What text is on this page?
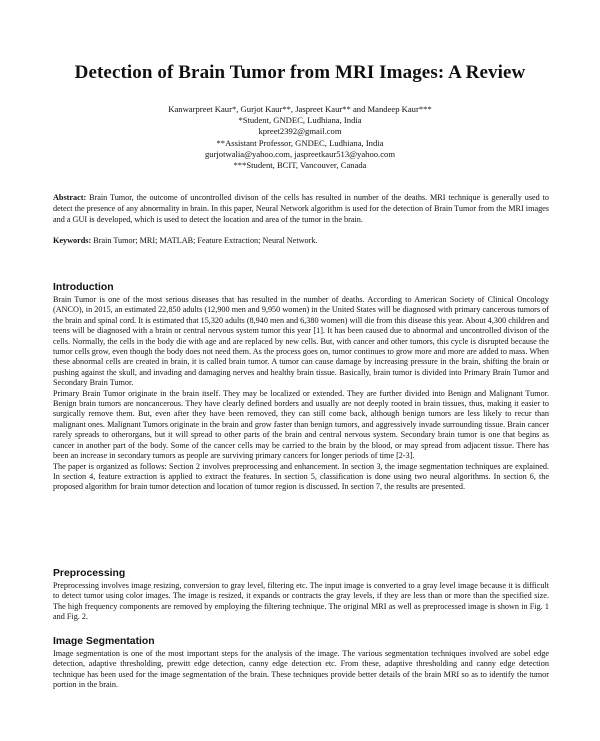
Detection of Brain Tumor from MRI Images: A Review
Kanwarpreet Kaur*, Gurjot Kaur**, Jaspreet Kaur** and Mandeep Kaur***
*Student, GNDEC, Ludhiana, India
kpreet2392@gmail.com
**Assistant Professor, GNDEC, Ludhiana, India
gurjotwalia@yahoo.com, jaspreetkaur513@yahoo.com
***Student, BCIT, Vancouver, Canada
Abstract: Brain Tumor, the outcome of uncontrolled divison of the cells has resulted in number of the deaths. MRI technique is generally used to detect the presence of any abnormality in brain. In this paper, Neural Network algorithm is used for the detection of Brain Tumor from the MRI images and a GUI is developed, which is used to detect the location and area of the tumor in the brain.
Keywords: Brain Tumor; MRI; MATLAB; Feature Extraction; Neural Network.
Introduction

Brain Tumor is one of the most serious diseases that has resulted in the number of deaths. According to American Society of Clinical Oncology (ANCO), in 2015, an estimated 22,850 adults (12,900 men and 9,950 women) in the United States will be diagnosed with primary cancerous tumors of the brain and spinal cord. It is estimated that 15,320 adults (8,940 men and 6,380 women) will die from this disease this year. About 4,300 children and teens will be diagnosed with a brain or central nervous system tumor this year [1]. It has been caused due to abnormal and uncontrolled divison of the cells. Normally, the cells in the body die with age and are replaced by new cells. But, with cancer and other tumors, this cycle is disrupted because the tumor cells grow, even though the body does not need them. As the process goes on, tumor continues to grow more and more are added to mass. When these abnormal cells are created in brain, it is called brain tumor. A tumor can cause damage by increasing pressure in the brain, shifting the brain or pushing against the skull, and invading and damaging nerves and healthy brain tissue. Basically, brain tumor is divided into Primary Brain Tumor and Secondary Brain Tumor.

Primary Brain Tumor originate in the brain itself. They may be localized or extended. They are further divided into Benign and Malignant Tumor. Benign brain tumors are noncancerous. They have clearly defined borders and usually are not deeply rooted in brain tissues, thus, making it easier to surgically remove them. But, even after they have been removed, they can still come back, although benign tumors are less likely to recur than malignant ones. Malignant Tumors originate in the brain and grow faster than benign tumors, and aggressively invade surrounding tissue. Brain cancer rarely spreads to otherorgans, but it will spread to other parts of the brain and central nervous system. Secondary brain tumor is one that begins as cancer in another part of the body. Some of the cancer cells may be carried to the brain by the blood, or may spread from adjacent tissue. There has been an increase in secondary tumors as people are surviving primary cancers for longer periods of time [2-3].

The paper is organized as follows: Section 2 involves preprocessing and enhancement. In section 3, the image segmentation techniques are explained. In section 4, feature extraction is applied to extract the features. In section 5, classification is done using two neural algorithms. In section 6, the proposed algorithm for brain tumor detection and location of tumor region is discussed. In section 7, the results are presented.

Preprocessing

Preprocessing involves image resizing, conversion to gray level, filtering etc. The input image is converted to a gray level image because it is difficult to detect tumor using color images. The image is resized, it expands or contracts the gray levels, if they are less than or more than the specified size. The high frequency components are removed by employing the filtering technique. The original MRI as well as preprocessed image is shown in Fig. 1 and Fig. 2.

Image Segmentation

Image segmentation is one of the most important steps for the analysis of the image. The various segmentation techniques involved are sobel edge detection, adaptive thresholding, prewitt edge detection, canny edge detection etc. From these, adaptive thresholding and canny edge detection technique has been used for the image segmentation of the brain. These techniques provide better details of the brain MRI so as to identify the tumor portion in the brain.
